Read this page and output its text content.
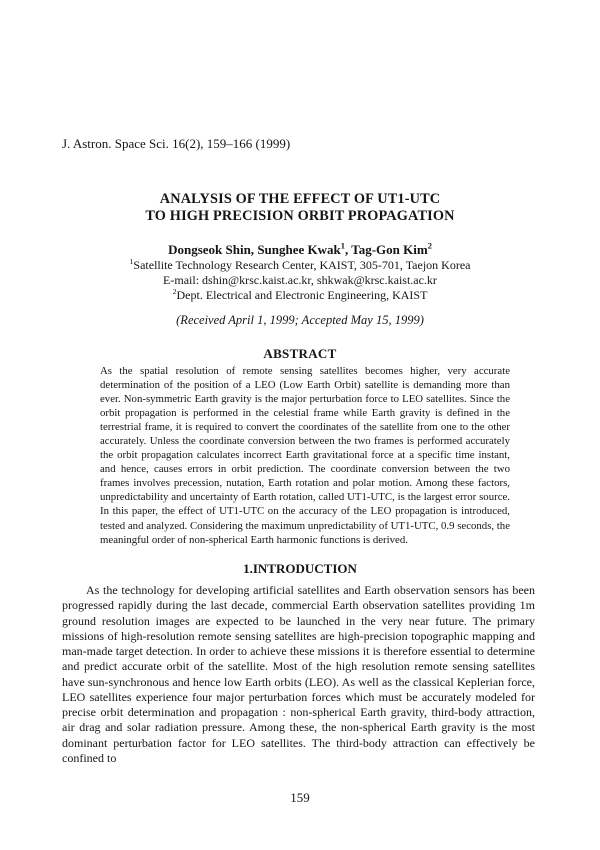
J. Astron. Space Sci. 16(2), 159–166 (1999)
ANALYSIS OF THE EFFECT OF UT1-UTC
TO HIGH PRECISION ORBIT PROPAGATION
Dongseok Shin, Sunghee Kwak$^1$, Tag-Gon Kim$^2$
$^1$Satellite Technology Research Center, KAIST, 305-701, Taejon Korea
E-mail: dshin@krsc.kaist.ac.kr, shkwak@krsc.kaist.ac.kr
$^2$Dept. Electrical and Electronic Engineering, KAIST
(Received April 1, 1999; Accepted May 15, 1999)
ABSTRACT
As the spatial resolution of remote sensing satellites becomes higher, very accurate determination of the position of a LEO (Low Earth Orbit) satellite is demanding more than ever. Non-symmetric Earth gravity is the major perturbation force to LEO satellites. Since the orbit propagation is performed in the celestial frame while Earth gravity is defined in the terrestrial frame, it is required to convert the coordinates of the satellite from one to the other accurately. Unless the coordinate conversion between the two frames is performed accurately the orbit propagation calculates incorrect Earth gravitational force at a specific time instant, and hence, causes errors in orbit prediction. The coordinate conversion between the two frames involves precession, nutation, Earth rotation and polar motion. Among these factors, unpredictability and uncertainty of Earth rotation, called UT1-UTC, is the largest error source. In this paper, the effect of UT1-UTC on the accuracy of the LEO propagation is introduced, tested and analyzed. Considering the maximum unpredictability of UT1-UTC, 0.9 seconds, the meaningful order of non-spherical Earth harmonic functions is derived.
1.INTRODUCTION
As the technology for developing artificial satellites and Earth observation sensors has been progressed rapidly during the last decade, commercial Earth observation satellites providing 1m ground resolution images are expected to be launched in the very near future. The primary missions of high-resolution remote sensing satellites are high-precision topographic mapping and man-made target detection. In order to achieve these missions it is therefore essential to determine and predict accurate orbit of the satellite. Most of the high resolution remote sensing satellites have sun-synchronous and hence low Earth orbits (LEO). As well as the classical Keplerian force, LEO satellites experience four major perturbation forces which must be accurately modeled for precise orbit determination and propagation : non-spherical Earth gravity, third-body attraction, air drag and solar radiation pressure. Among these, the non-spherical Earth gravity is the most dominant perturbation factor for LEO satellites. The third-body attraction can effectively be confined to
159
